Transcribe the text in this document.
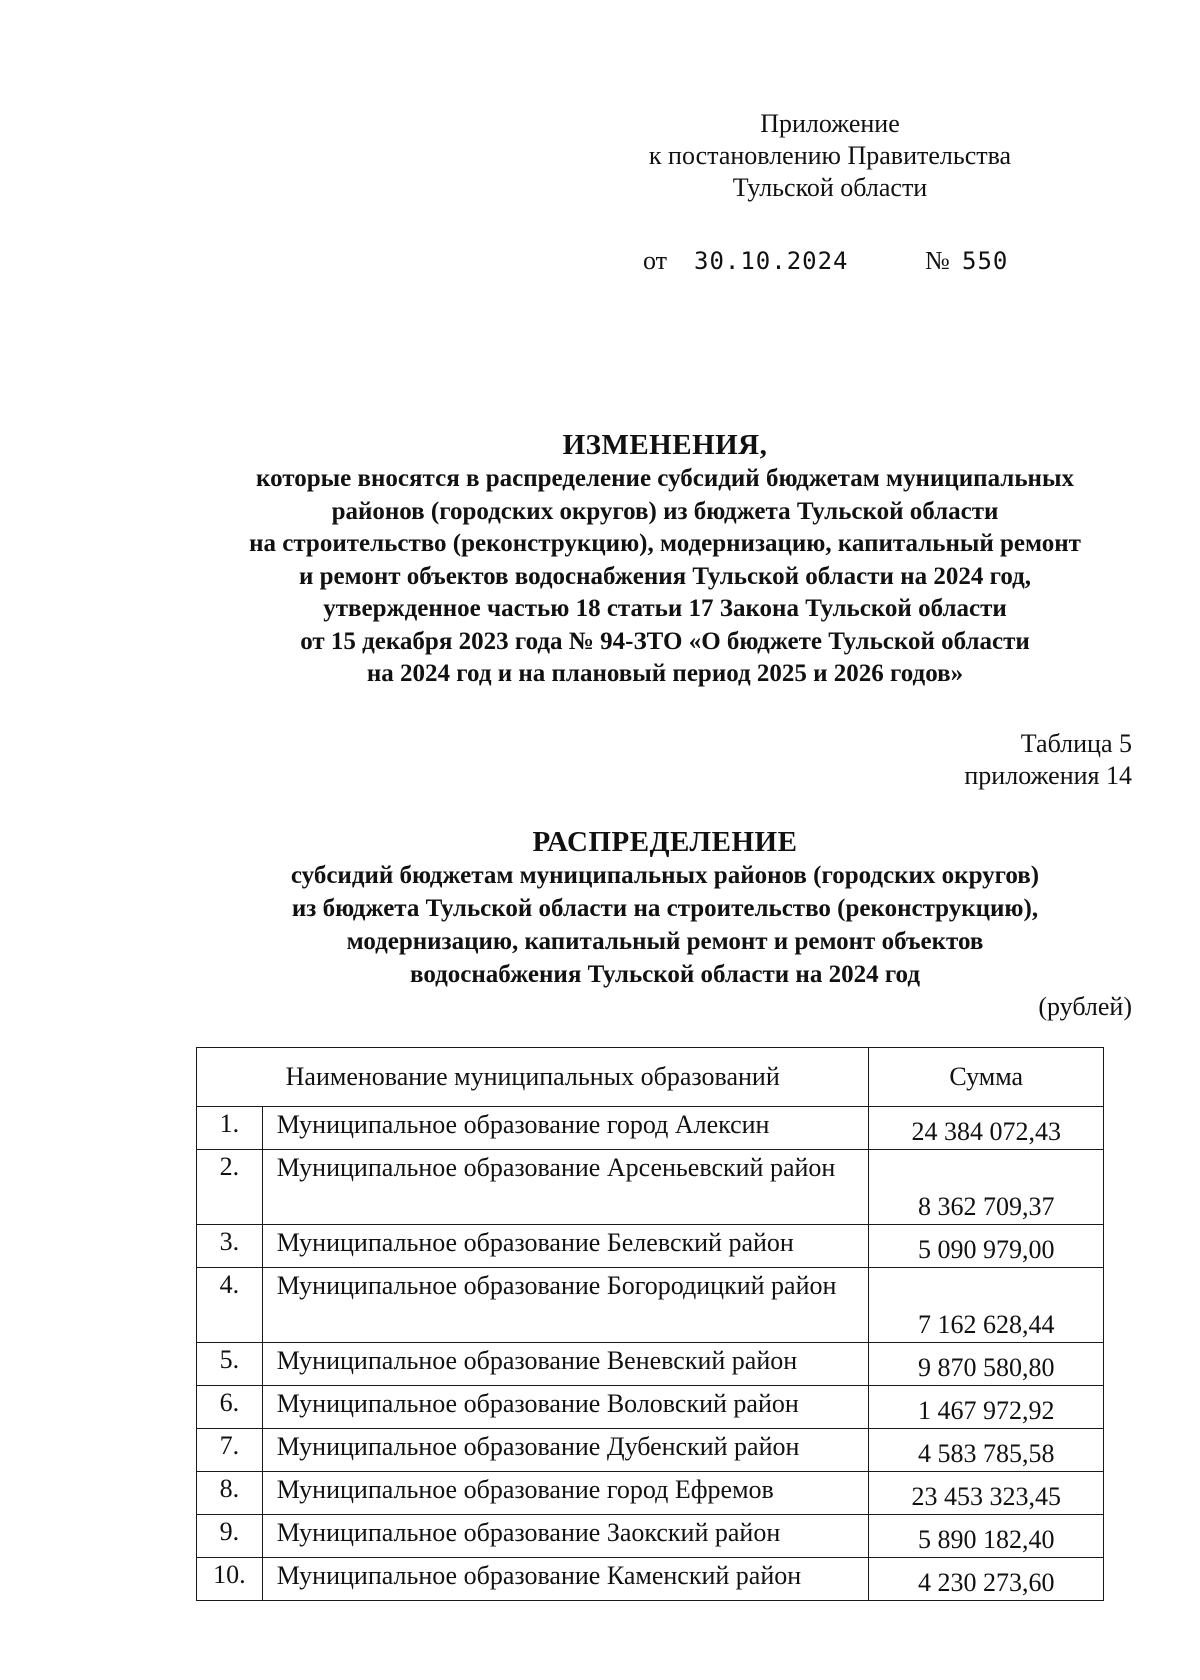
Приложение
к постановлению Правительства
Тульской области
от 30.10.2024	№ 550
ИЗМЕНЕНИЯ,
которые вносятся в распределение субсидий бюджетам муниципальных
районов (городских округов) из бюджета Тульской области
на строительство (реконструкцию), модернизацию, капитальный ремонт
и ремонт объектов водоснабжения Тульской области на 2024 год,
утвержденное частью 18 статьи 17 Закона Тульской области
от 15 декабря 2023 года № 94-ЗТО «О бюджете Тульской области
на 2024 год и на плановый период 2025 и 2026 годов»
Таблица 5
приложения 14
РАСПРЕДЕЛЕНИЕ
субсидий бюджетам муниципальных районов (городских округов)
из бюджета Тульской области на строительство (реконструкцию),
модернизацию, капитальный ремонт и ремонт объектов
водоснабжения Тульской области на 2024 год
(рублей)
Наименование муниципальных образований		Сумма
1.	Муниципальное образование город Алексин	24 384 072,43
2.	Муниципальное образование Арсеньевский район	8 362 709,37
3.	Муниципальное образование Белевский район	5 090 979,00
4.	Муниципальное образование Богородицкий район	7 162 628,44
5.	Муниципальное образование Веневский район	9 870 580,80
6.	Муниципальное образование Воловский район	1 467 972,92
7.	Муниципальное образование Дубенский район	4 583 785,58
8.	Муниципальное образование город Ефремов	23 453 323,45
9.	Муниципальное образование Заокский район	5 890 182,40
10.	Муниципальное образование Каменский район	4 230 273,60
